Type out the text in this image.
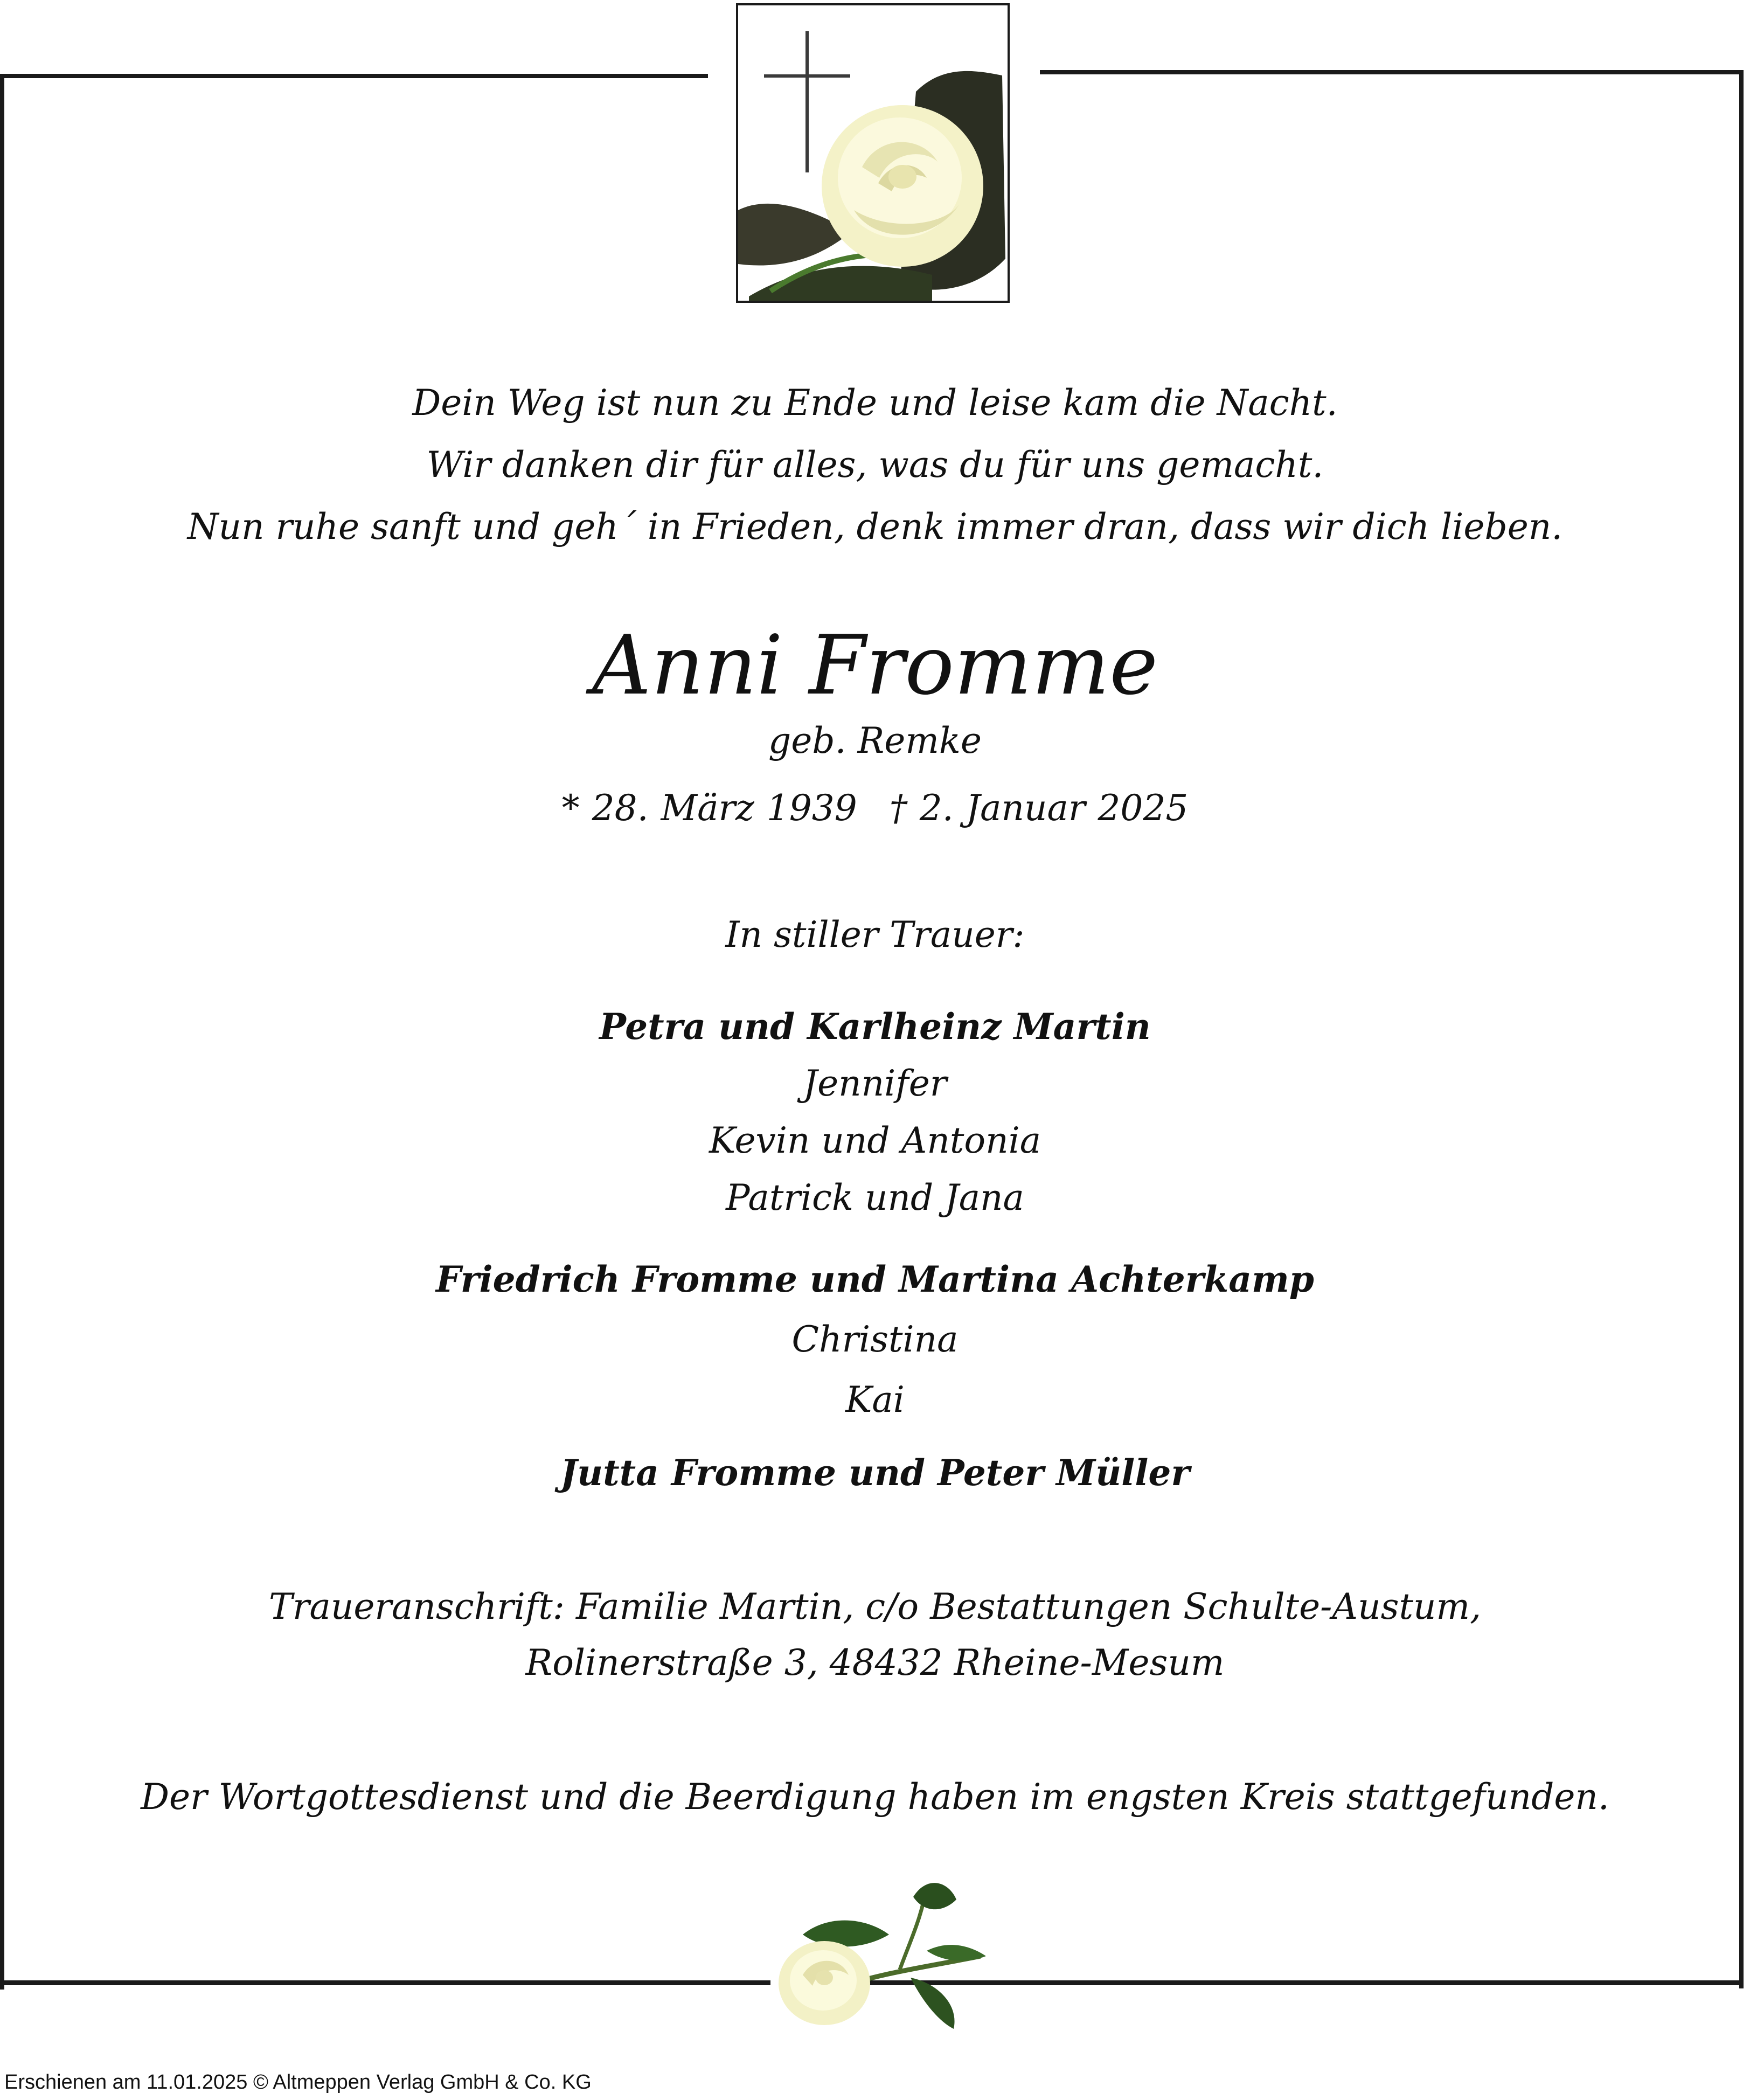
Dein Weg ist nun zu Ende und leise kam die Nacht.
Wir danken dir für alles, was du für uns gemacht.
Nun ruhe sanft und geh´ in Frieden, denk immer dran, dass wir dich lieben.
Anni Fromme
geb. Remke
* 28. März 1939 † 2. Januar 2025
In stiller Trauer:
Petra und Karlheinz Martin
Jennifer
Kevin und Antonia
Patrick und Jana
Friedrich Fromme und Martina Achterkamp
Christina
Kai
Jutta Fromme und Peter Müller
Traueranschrift: Familie Martin, c/o Bestattungen Schulte-Austum,
Rolinerstraße 3, 48432 Rheine-Mesum
Der Wortgottesdienst und die Beerdigung haben im engsten Kreis stattgefunden.
Erschienen am 11.01.2025 © Altmeppen Verlag GmbH & Co. KG
